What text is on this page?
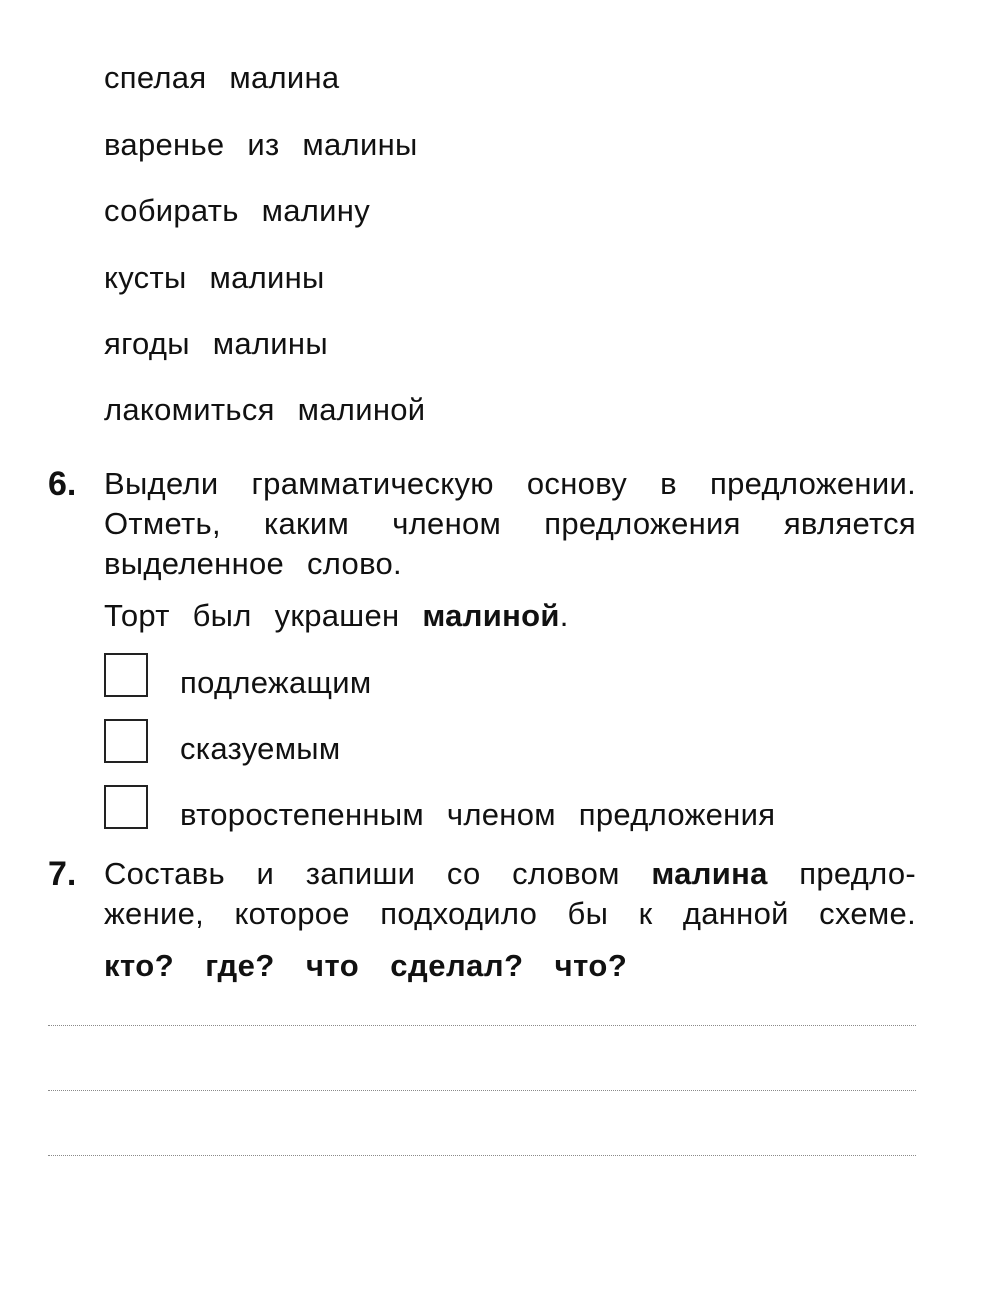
спелая малина
варенье из малины
собирать малину
кусты малины
ягоды малины
лакомиться малиной
6. Выдели грамматическую основу в предложении.
Отметь, каким членом предложения является
выделенное слово.
Торт был украшен малиной.
подлежащим
сказуемым
второстепенным членом предложения
7. Составь и запиши со словом малина предло-
жение, которое подходило бы к данной схеме.
кто? где? что сделал? что?
